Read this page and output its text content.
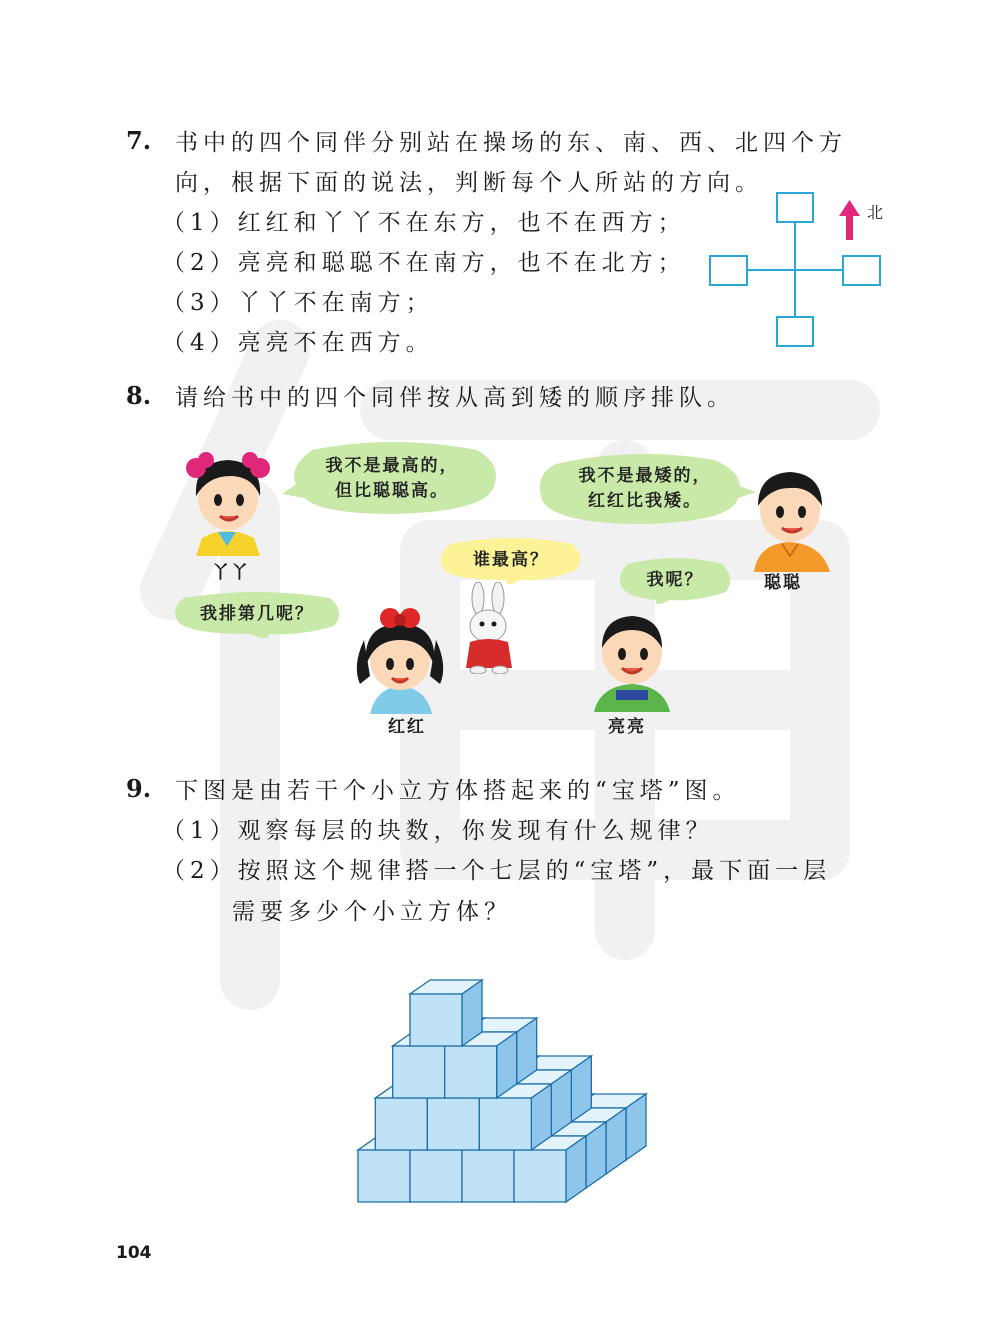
7. 书中的四个同伴分别站在操场的东、南、西、北四个方
向，根据下面的说法，判断每个人所站的方向。
（1）红红和丫丫不在东方，也不在西方；
（2）亮亮和聪聪不在南方，也不在北方；
（3）丫丫不在南方；
（4）亮亮不在西方。
北
8. 请给书中的四个同伴按从高到矮的顺序排队。
我不是最高的，
但比聪聪高。
我不是最矮的，
红红比我矮。
谁最高？
我呢？
我排第几呢？
丫丫	聪聪
红红	亮亮
9. 下图是由若干个小立方体搭起来的“宝塔”图。
（1）观察每层的块数，你发现有什么规律？
（2）按照这个规律搭一个七层的“宝塔”，最下面一层
需要多少个小立方体？
104
